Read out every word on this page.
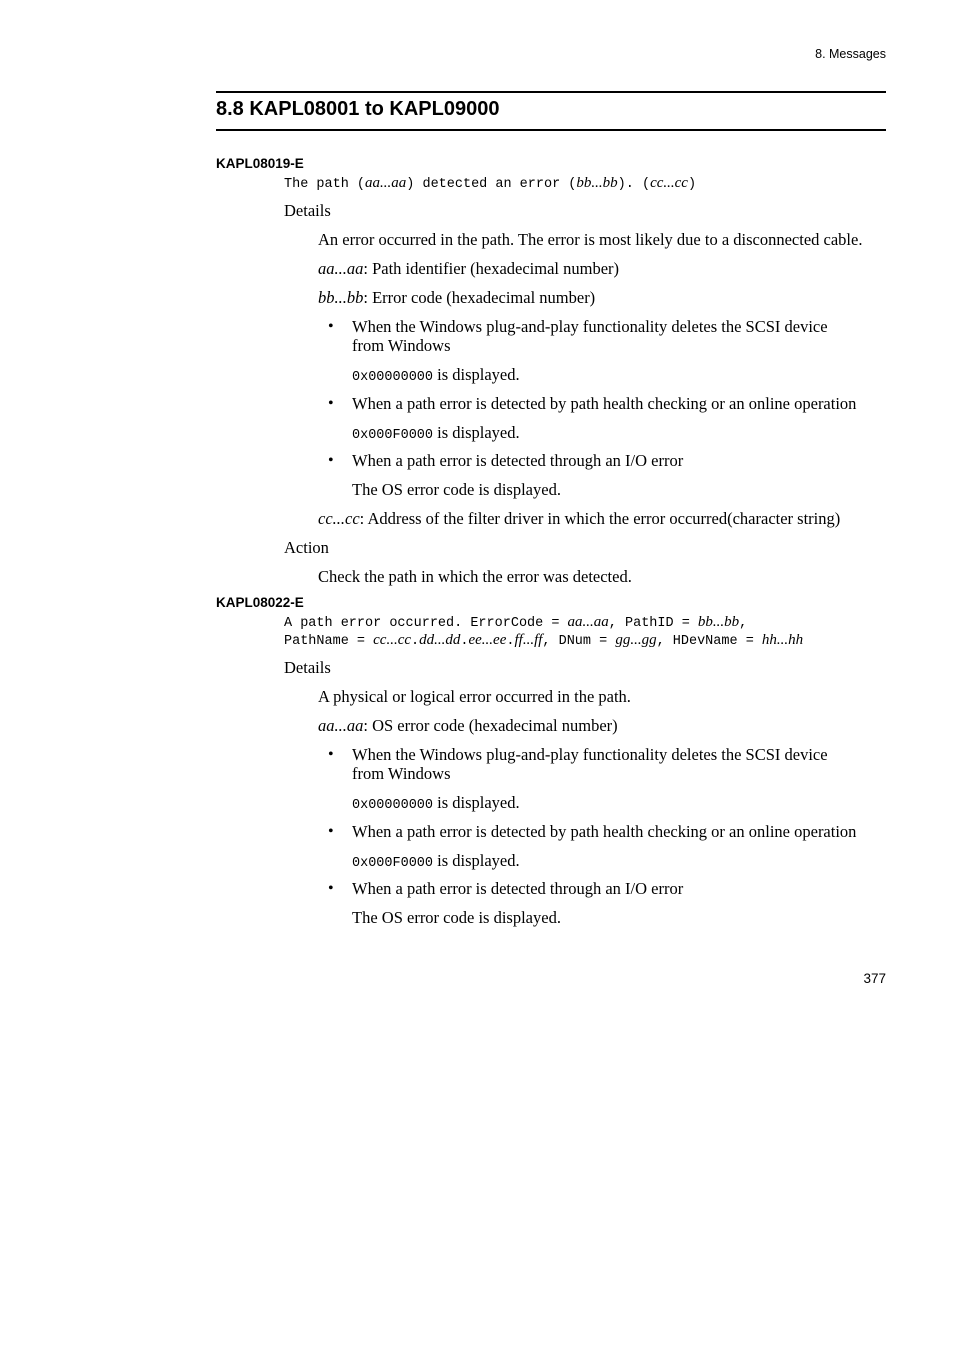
8. Messages
8.8 KAPL08001 to KAPL09000
KAPL08019-E
The path (aa...aa) detected an error (bb...bb). (cc...cc)
Details
An error occurred in the path. The error is most likely due to a disconnected cable.
aa...aa: Path identifier (hexadecimal number)
bb...bb: Error code (hexadecimal number)
• When the Windows plug-and-play functionality deletes the SCSI device
from Windows
0x00000000 is displayed.
• When a path error is detected by path health checking or an online operation
0x000F0000 is displayed.
• When a path error is detected through an I/O error
The OS error code is displayed.
cc...cc: Address of the filter driver in which the error occurred(character string)
Action
Check the path in which the error was detected.
KAPL08022-E
A path error occurred. ErrorCode = aa...aa, PathID = bb...bb,
PathName = cc...cc.dd...dd.ee...ee.ff...ff, DNum = gg...gg, HDevName = hh...hh
Details
A physical or logical error occurred in the path.
aa...aa: OS error code (hexadecimal number)
• When the Windows plug-and-play functionality deletes the SCSI device
from Windows
0x00000000 is displayed.
• When a path error is detected by path health checking or an online operation
0x000F0000 is displayed.
• When a path error is detected through an I/O error
The OS error code is displayed.
377
